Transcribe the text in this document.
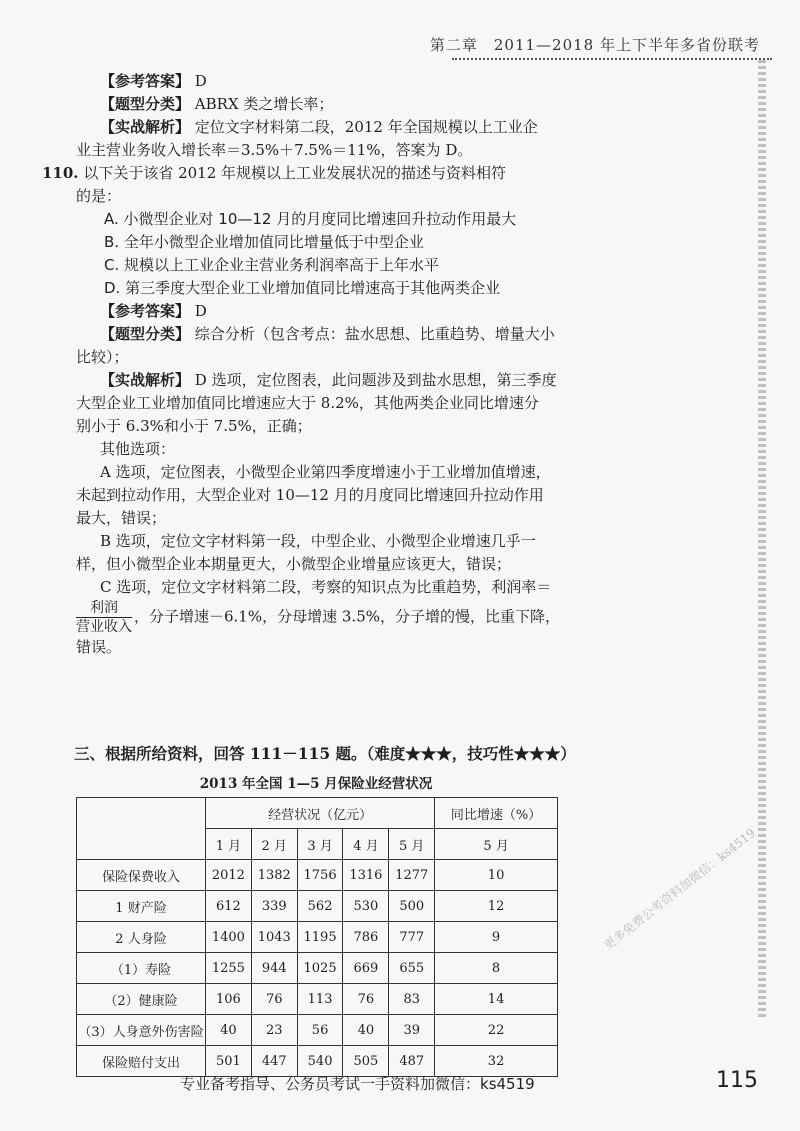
第二章　2011—2018 年上下半年多省份联考
【参考答案】 D
【题型分类】 ABRX 类之增长率；
【实战解析】 定位文字材料第二段，2012 年全国规模以上工业企
业主营业务收入增长率＝3.5%＋7.5%＝11%，答案为 D。
110. 以下关于该省 2012 年规模以上工业发展状况的描述与资料相符
的是：
A. 小微型企业对 10—12 月的月度同比增速回升拉动作用最大
B. 全年小微型企业增加值同比增量低于中型企业
C. 规模以上工业企业主营业务利润率高于上年水平
D. 第三季度大型企业工业增加值同比增速高于其他两类企业
【参考答案】 D
【题型分类】 综合分析（包含考点：盐水思想、比重趋势、增量大小
比较）；
【实战解析】 D 选项，定位图表，此问题涉及到盐水思想，第三季度
大型企业工业增加值同比增速应大于 8.2%，其他两类企业同比增速分
别小于 6.3%和小于 7.5%，正确；
其他选项：
A 选项，定位图表，小微型企业第四季度增速小于工业增加值增速，
未起到拉动作用，大型企业对 10—12 月的月度同比增速回升拉动作用
最大，错误；
B 选项，定位文字材料第一段，中型企业、小微型企业增速几乎一
样，但小微型企业本期量更大，小微型企业增量应该更大，错误；
C 选项，定位文字材料第二段，考察的知识点为比重趋势，利润率＝
$\frac{\text{利润}}{\text{营业收入}}$ ，分子增速－6.1%，分母增速 3.5%，分子增的慢，比重下降，
错误。
三、根据所给资料，回答 111－115 题。（难度★★★，技巧性★★★）
2013 年全国 1—5 月保险业经营状况
	经营状况（亿元）					同比增速（%）
	1 月	2 月	3 月	4 月	5 月	5 月
保险保费收入	2012	1382	1756	1316	1277	10
1 财产险	612	339	562	530	500	12
2 人身险	1400	1043	1195	786	777	9
（1）寿险	1255	944	1025	669	655	8
（2）健康险	106	76	113	76	83	14
（3）人身意外伤害险	40	23	56	40	39	22
保险赔付支出	501	447	540	505	487	32
更多免费公考资料加微信：ks4519
专业备考指导、公务员考试一手资料加微信：ks4519	115
